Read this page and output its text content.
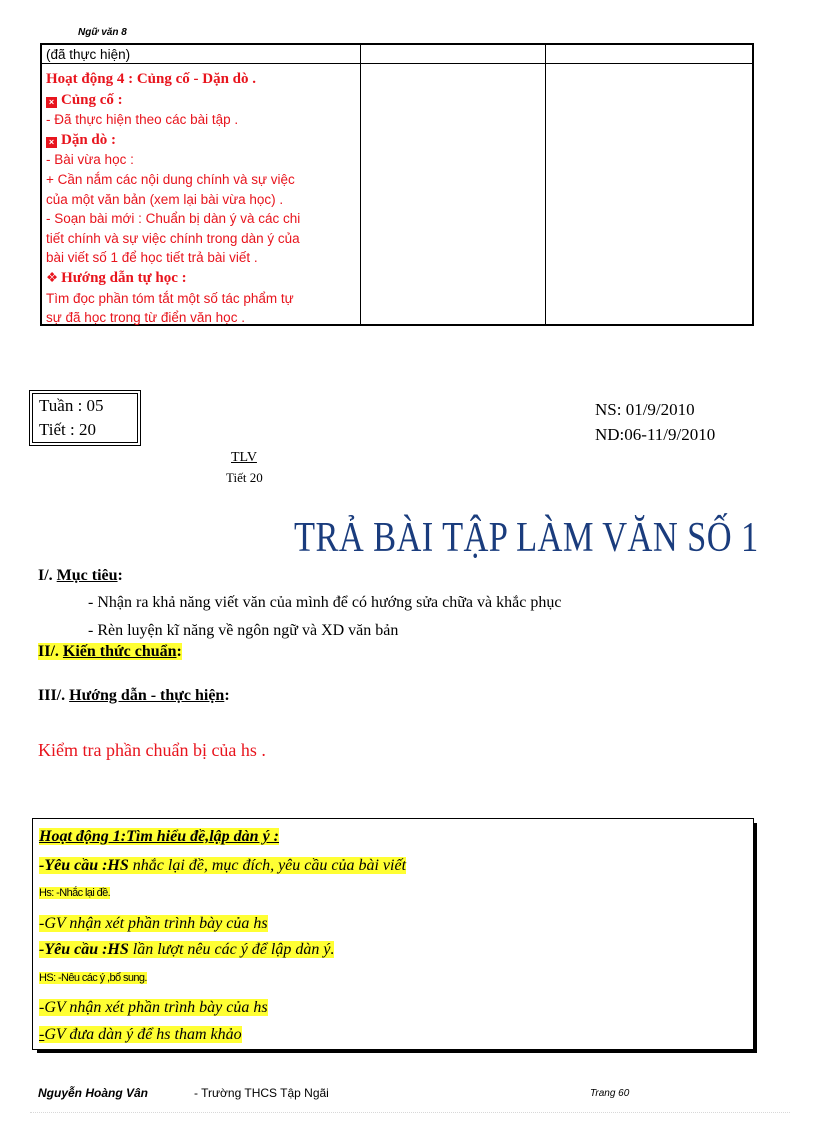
Ngữ văn 8
(đã thực hiện)
Hoạt động 4 : Củng cố - Dặn dò .
× Củng cố :
- Đã thực hiện theo các bài tập .
× Dặn dò :
- Bài vừa học :
+ Cần nắm các nội dung chính và sự việc
của một văn bản (xem lại bài vừa học) .
- Soạn bài mới : Chuẩn bị dàn ý và các chi
tiết chính và sự việc chính trong dàn ý của
bài viết số 1 để học tiết trả bài viết .
❖ Hướng dẫn tự học :
Tìm đọc phần tóm tắt một số tác phẩm tự
sự đã học trong từ điển văn học .
Tuần : 05
Tiết : 20
NS: 01/9/2010
ND:06-11/9/2010
TLV
Tiết 20
TRẢ BÀI TẬP LÀM VĂN SỐ 1
I/. Mục tiêu:
- Nhận ra khả năng viết văn của mình để có hướng sửa chữa và khắc phục
- Rèn luyện kĩ năng về ngôn ngữ và XD văn bản
II/. Kiến thức chuẩn:
III/. Hướng dẫn - thực hiện:
Kiểm tra phần chuẩn bị của hs .
Hoạt động 1:Tìm hiểu đề,lập dàn ý :
-Yêu cầu :HS nhắc lại đề, mục đích, yêu cầu của bài viết
Hs: -Nhắc lại đề.
-GV nhận xét phần trình bày của hs
-Yêu cầu :HS lần lượt nêu các ý để lập dàn ý.
HS: -Nêu các ý ,bổ sung.
-GV nhận xét phần trình bày của hs
-GV đưa dàn ý để hs tham khảo
Nguyễn Hoàng Vân	- Trường THCS Tập Ngãi	Trang 60
